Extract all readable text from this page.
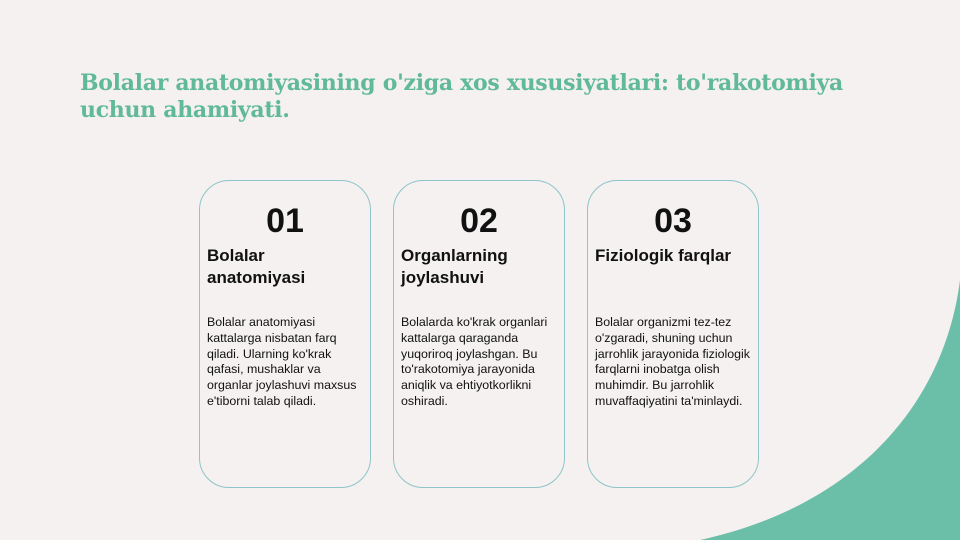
Bolalar anatomiyasining o'ziga xos xususiyatlari: to'rakotomiya uchun ahamiyati.
01
Bolalar anatomiyasi
Bolalar anatomiyasi kattalarga nisbatan farq qiladi. Ularning ko'krak qafasi, mushaklar va organlar joylashuvi maxsus e'tiborni talab qiladi.
02
Organlarning joylashuvi
Bolalarda ko'krak organlari kattalarga qaraganda yuqoriroq joylashgan. Bu to'rakotomiya jarayonida aniqlik va ehtiyotkorlikni oshiradi.
03
Fiziologik farqlar
Bolalar organizmi tez-tez o'zgaradi, shuning uchun jarrohlik jarayonida fiziologik farqlarni inobatga olish muhimdir. Bu jarrohlik muvaffaqiyatini ta'minlaydi.
